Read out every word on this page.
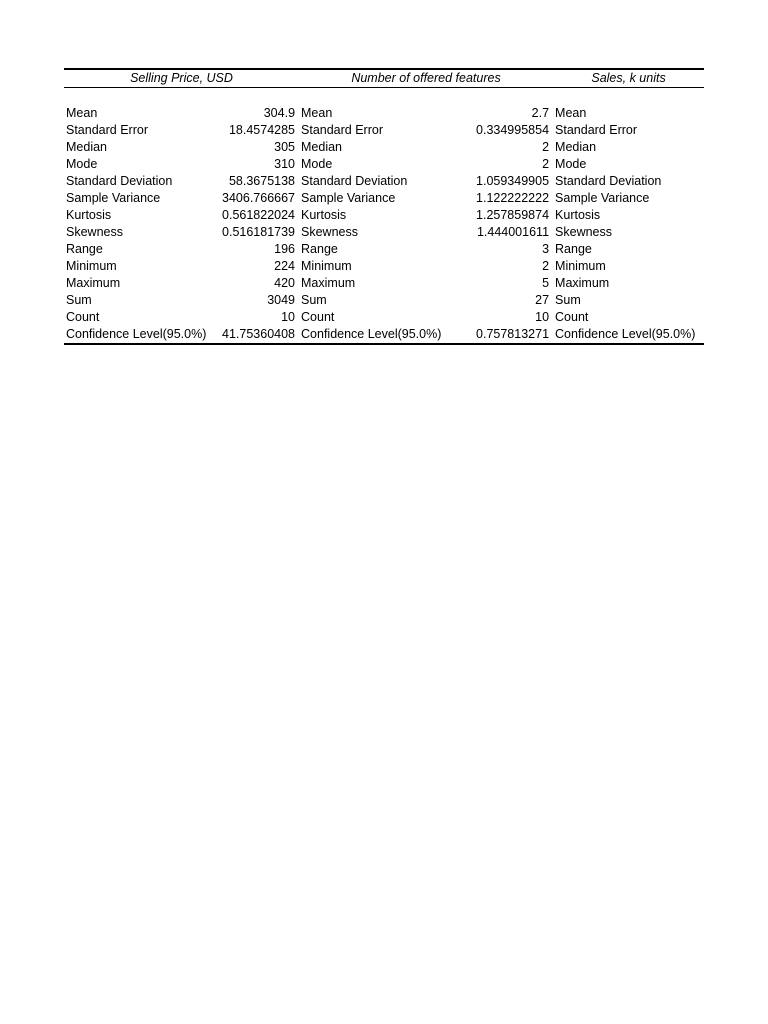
Selling Price, USD		Number of offered features		Sales, k units

Mean	304.9	Mean	2.7	Mean
Standard Error	18.4574285	Standard Error	0.334995854	Standard Error
Median	305	Median	2	Median
Mode	310	Mode	2	Mode
Standard Deviation	58.3675138	Standard Deviation	1.059349905	Standard Deviation
Sample Variance	3406.766667	Sample Variance	1.122222222	Sample Variance
Kurtosis	0.561822024	Kurtosis	1.257859874	Kurtosis
Skewness	0.516181739	Skewness	1.444001611	Skewness
Range	196	Range	3	Range
Minimum	224	Minimum	2	Minimum
Maximum	420	Maximum	5	Maximum
Sum	3049	Sum	27	Sum
Count	10	Count	10	Count
Confidence Level(95.0%)	41.75360408	Confidence Level(95.0%)	0.757813271	Confidence Level(95.0%)
